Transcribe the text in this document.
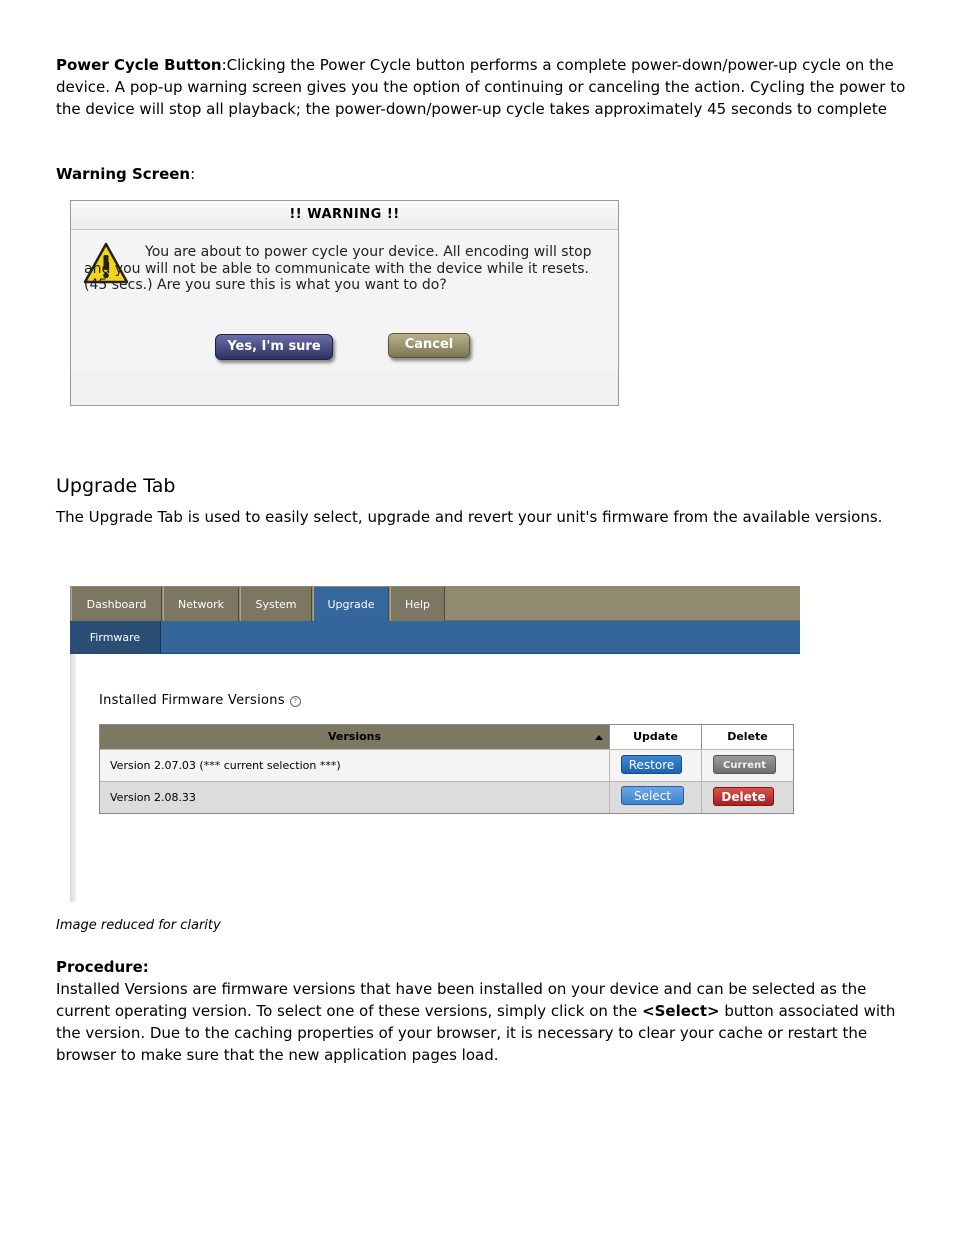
Power Cycle Button:Clicking the Power Cycle button performs a complete power-down/power-up cycle on the device. A pop-up warning screen gives you the option of continuing or canceling the action. Cycling the power to the device will stop all playback; the power-down/power-up cycle takes approximately 45 seconds to complete

Warning Screen:

!! WARNING !!
You are about to power cycle your device. All encoding will stop and you will not be able to communicate with the device while it resets. (45 secs.) Are you sure this is what you want to do?
Yes, I'm sure	Cancel
Upgrade Tab

The Upgrade Tab is used to easily select, upgrade and revert your unit's firmware from the available versions.

Dashboard	Network	System	Upgrade	Help
Firmware
Installed Firmware Versions ?
Versions	Update	Delete
Version 2.07.03 (*** current selection ***)	Restore	Current
Version 2.08.33	Select	Delete
Image reduced for clarity

Procedure:

Installed Versions are firmware versions that have been installed on your device and can be selected as the current operating version. To select one of these versions, simply click on the <Select> button associated with the version. Due to the caching properties of your browser, it is necessary to clear your cache or restart the browser to make sure that the new application pages load.
